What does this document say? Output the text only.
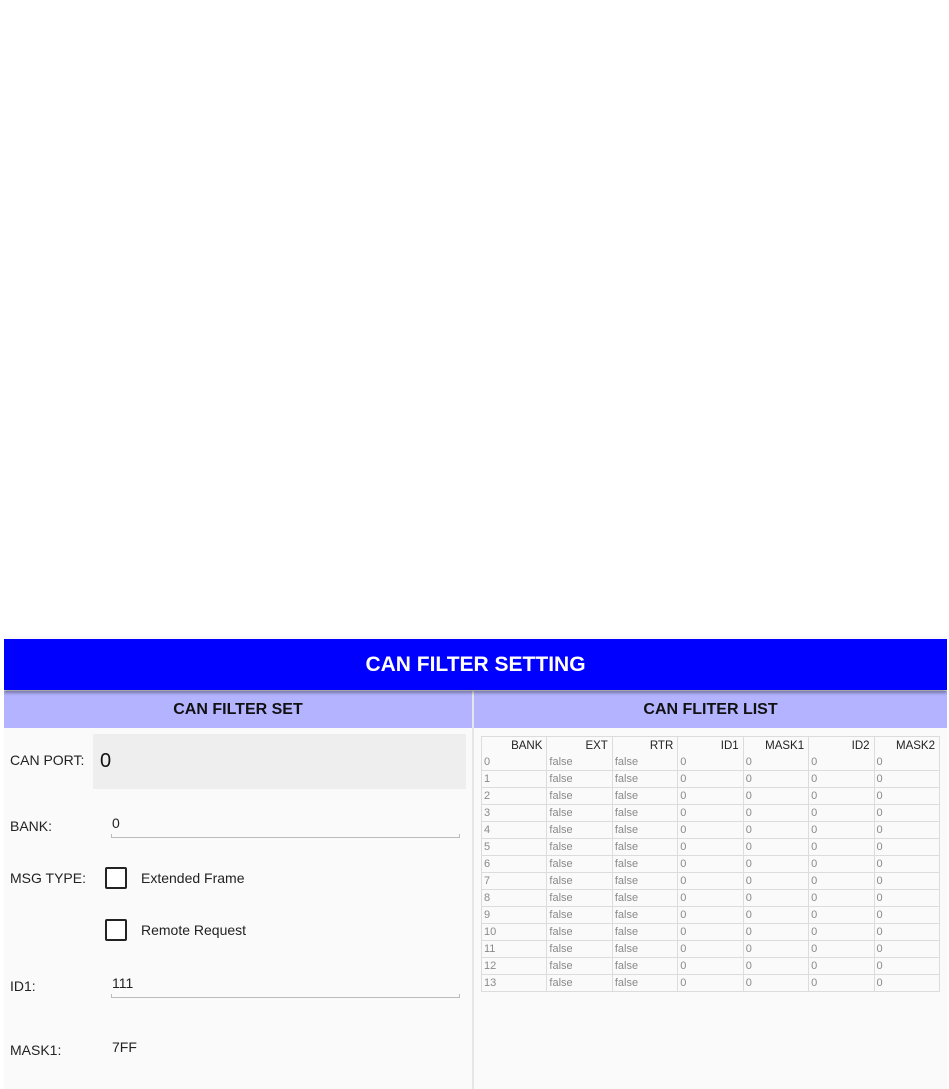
CAN FILTER SETTING
CAN FILTER SET	CAN FLITER LIST
CAN PORT: 0
BANK:	0
MSG TYPE:	Extended Frame
Remote Request
ID1:	111
MASK1:	7FF
BANK	EXT	RTR	ID1	MASK1	ID2	MASK2
0	false	false	0	0	0	0
1	false	false	0	0	0	0
2	false	false	0	0	0	0
3	false	false	0	0	0	0
4	false	false	0	0	0	0
5	false	false	0	0	0	0
6	false	false	0	0	0	0
7	false	false	0	0	0	0
8	false	false	0	0	0	0
9	false	false	0	0	0	0
10	false	false	0	0	0	0
11	false	false	0	0	0	0
12	false	false	0	0	0	0
13	false	false	0	0	0	0
